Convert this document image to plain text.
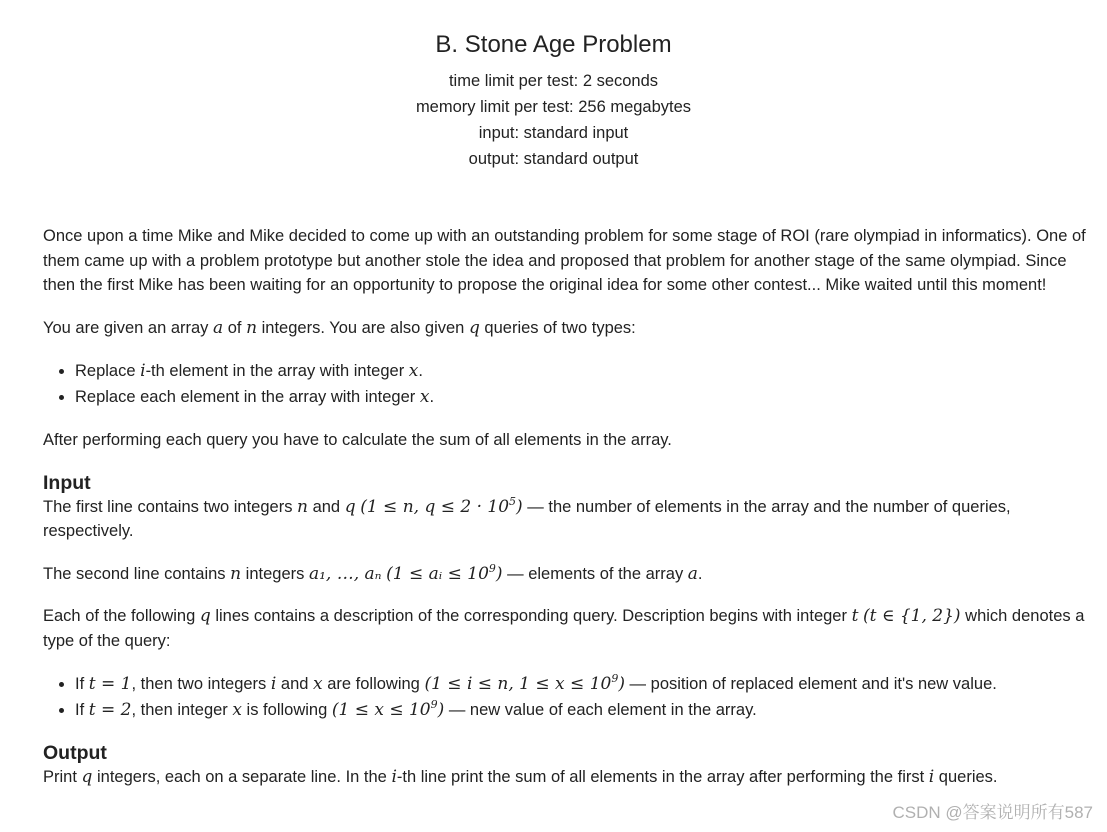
B. Stone Age Problem
time limit per test: 2 seconds
memory limit per test: 256 megabytes
input: standard input
output: standard output

Once upon a time Mike and Mike decided to come up with an outstanding problem for some stage of ROI (rare olympiad in informatics). One of them came up with a problem prototype but another stole the idea and proposed that problem for another stage of the same olympiad. Since then the first Mike has been waiting for an opportunity to propose the original idea for some other contest... Mike waited until this moment!

You are given an array a of n integers. You are also given q queries of two types:

• Replace i-th element in the array with integer x.
• Replace each element in the array with integer x.

After performing each query you have to calculate the sum of all elements in the array.

Input

The first line contains two integers n and q (1 ≤ n, $q \le 2 \cdot 10^5$) — the number of elements in the array and the number of queries, respectively.

The second line contains n integers a₁, …, aₙ (1 ≤ aᵢ ≤ $10^9$) — elements of the array a.

Each of the following q lines contains a description of the corresponding query. Description begins with integer t (t ∈ {1, 2}) which denotes a type of the query:

• If t = 1, then two integers i and x are following (1 ≤ i ≤ n, $1 \le x \le 10^9$) — position of replaced element and it's new value.
• If t = 2, then integer x is following $(1 \le x \le 10^9)$ — new value of each element in the array.
Output

Print q integers, each on a separate line. In the i-th line print the sum of all elements in the array after performing the first i queries.

CSDN @答案说明所有587
